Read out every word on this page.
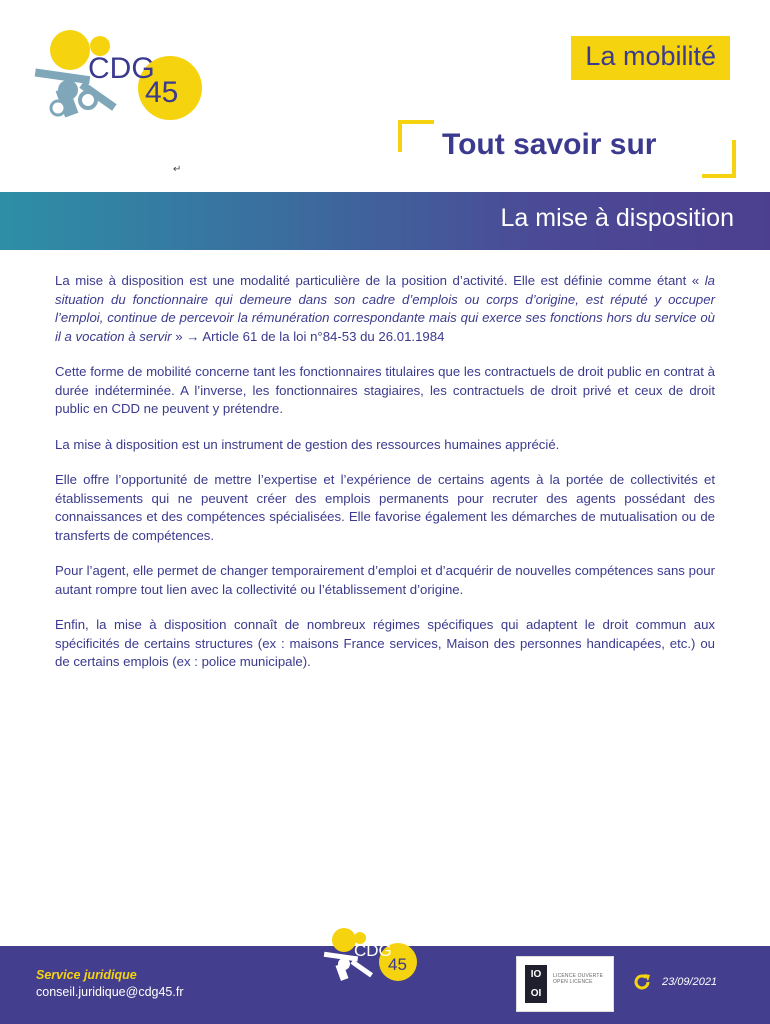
CDG
45
La mobilité
Tout savoir sur
↵
La mise à disposition

La mise à disposition est une modalité particulière de la position d’activité. Elle est définie comme étant « la situation du fonctionnaire qui demeure dans son cadre d’emplois ou corps d’origine, est réputé y occuper l’emploi, continue de percevoir la rémunération correspondante mais qui exerce ses fonctions hors du service où il a vocation à servir » → Article 61 de la loi n°84-53 du 26.01.1984

Cette forme de mobilité concerne tant les fonctionnaires titulaires que les contractuels de droit public en contrat à durée indéterminée. A l’inverse, les fonctionnaires stagiaires, les contractuels de droit privé et ceux de droit public en CDD ne peuvent y prétendre.

La mise à disposition est un instrument de gestion des ressources humaines apprécié.

Elle offre l’opportunité de mettre l’expertise et l’expérience de certains agents à la portée de collectivités et établissements qui ne peuvent créer des emplois permanents pour recruter des agents possédant des connaissances et des compétences spécialisées. Elle favorise également les démarches de mutualisation ou de transferts de compétences.

Pour l’agent, elle permet de changer temporairement d’emploi et d’acquérir de nouvelles compétences sans pour autant rompre tout lien avec la collectivité ou l’établissement d’origine.

Enfin, la mise à disposition connaît de nombreux régimes spécifiques qui adaptent le droit commun aux spécificités de certains structures (ex : maisons France services, Maison des personnes handicapées, etc.) ou de certains emplois (ex : police municipale).

CDG
45
Service juridique
conseil.juridique@cdg45.fr
IO OI
LICENCE OUVERTE OPEN LICENCE	23/09/2021
